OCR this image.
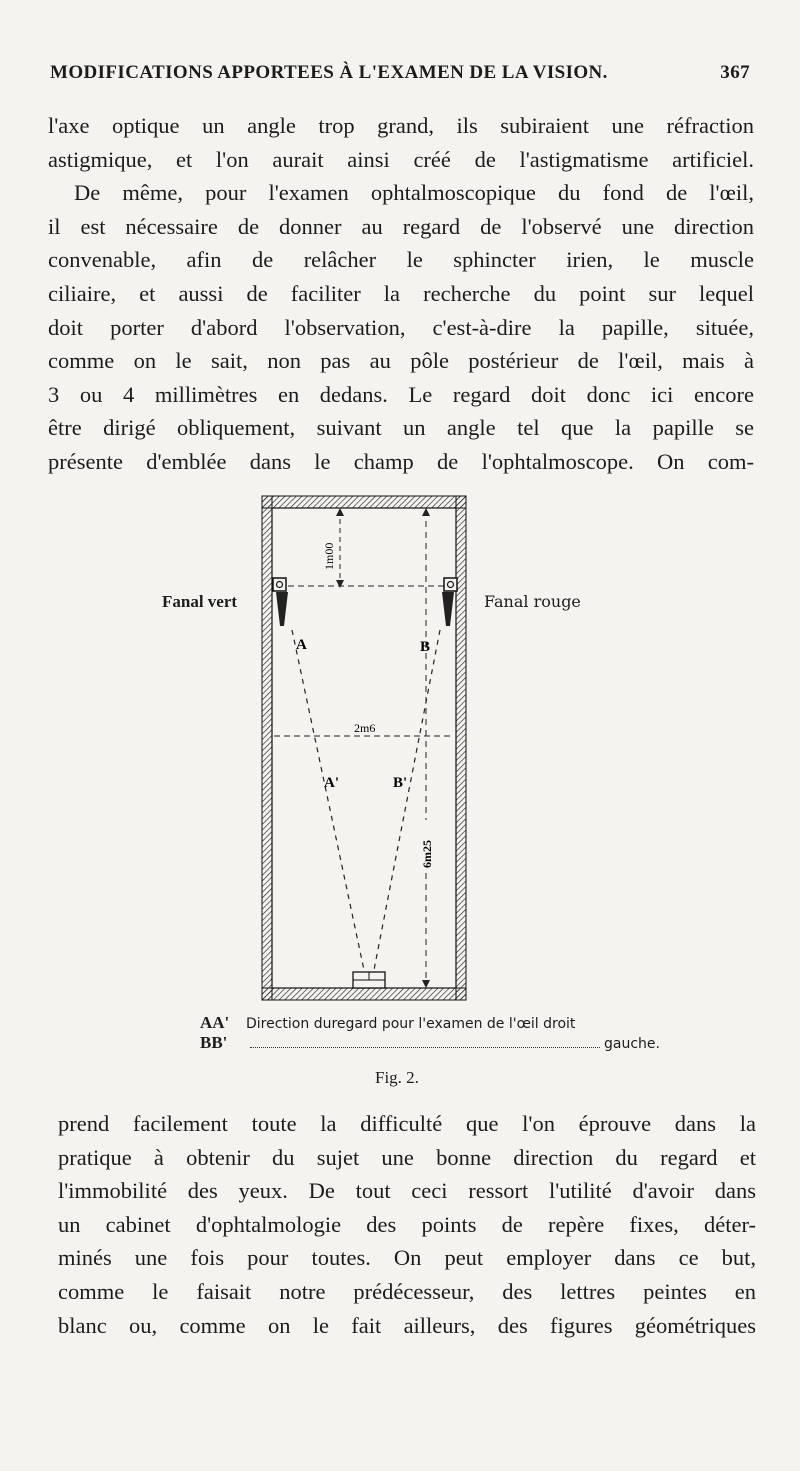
MODIFICATIONS APPORTEES À L'EXAMEN DE LA VISION.	367
l'axe optique un angle trop grand, ils subiraient une réfraction
astigmique, et l'on aurait ainsi créé de l'astigmatisme artificiel.
De même, pour l'examen ophtalmoscopique du fond de l'œil,
il est nécessaire de donner au regard de l'observé une direction
convenable, afin de relâcher le sphincter irien, le muscle
ciliaire, et aussi de faciliter la recherche du point sur lequel
doit porter d'abord l'observation, c'est-à-dire la papille, située,
comme on le sait, non pas au pôle postérieur de l'œil, mais à
3 ou 4 millimètres en dedans. Le regard doit donc ici encore
être dirigé obliquement, suivant un angle tel que la papille se
présente d'emblée dans le champ de l'ophtalmoscope. On com-
1m00
6m25
2m6
A	B
A'	B'
Fanal vert	Fanal rouge
AA'	Direction duregard pour l'examen de l'œil droit
BB'	gauche.
Fig. 2.
prend facilement toute la difficulté que l'on éprouve dans la
pratique à obtenir du sujet une bonne direction du regard et
l'immobilité des yeux. De tout ceci ressort l'utilité d'avoir dans
un cabinet d'ophtalmologie des points de repère fixes, déter-
minés une fois pour toutes. On peut employer dans ce but,
comme le faisait notre prédécesseur, des lettres peintes en
blanc ou, comme on le fait ailleurs, des figures géométriques
